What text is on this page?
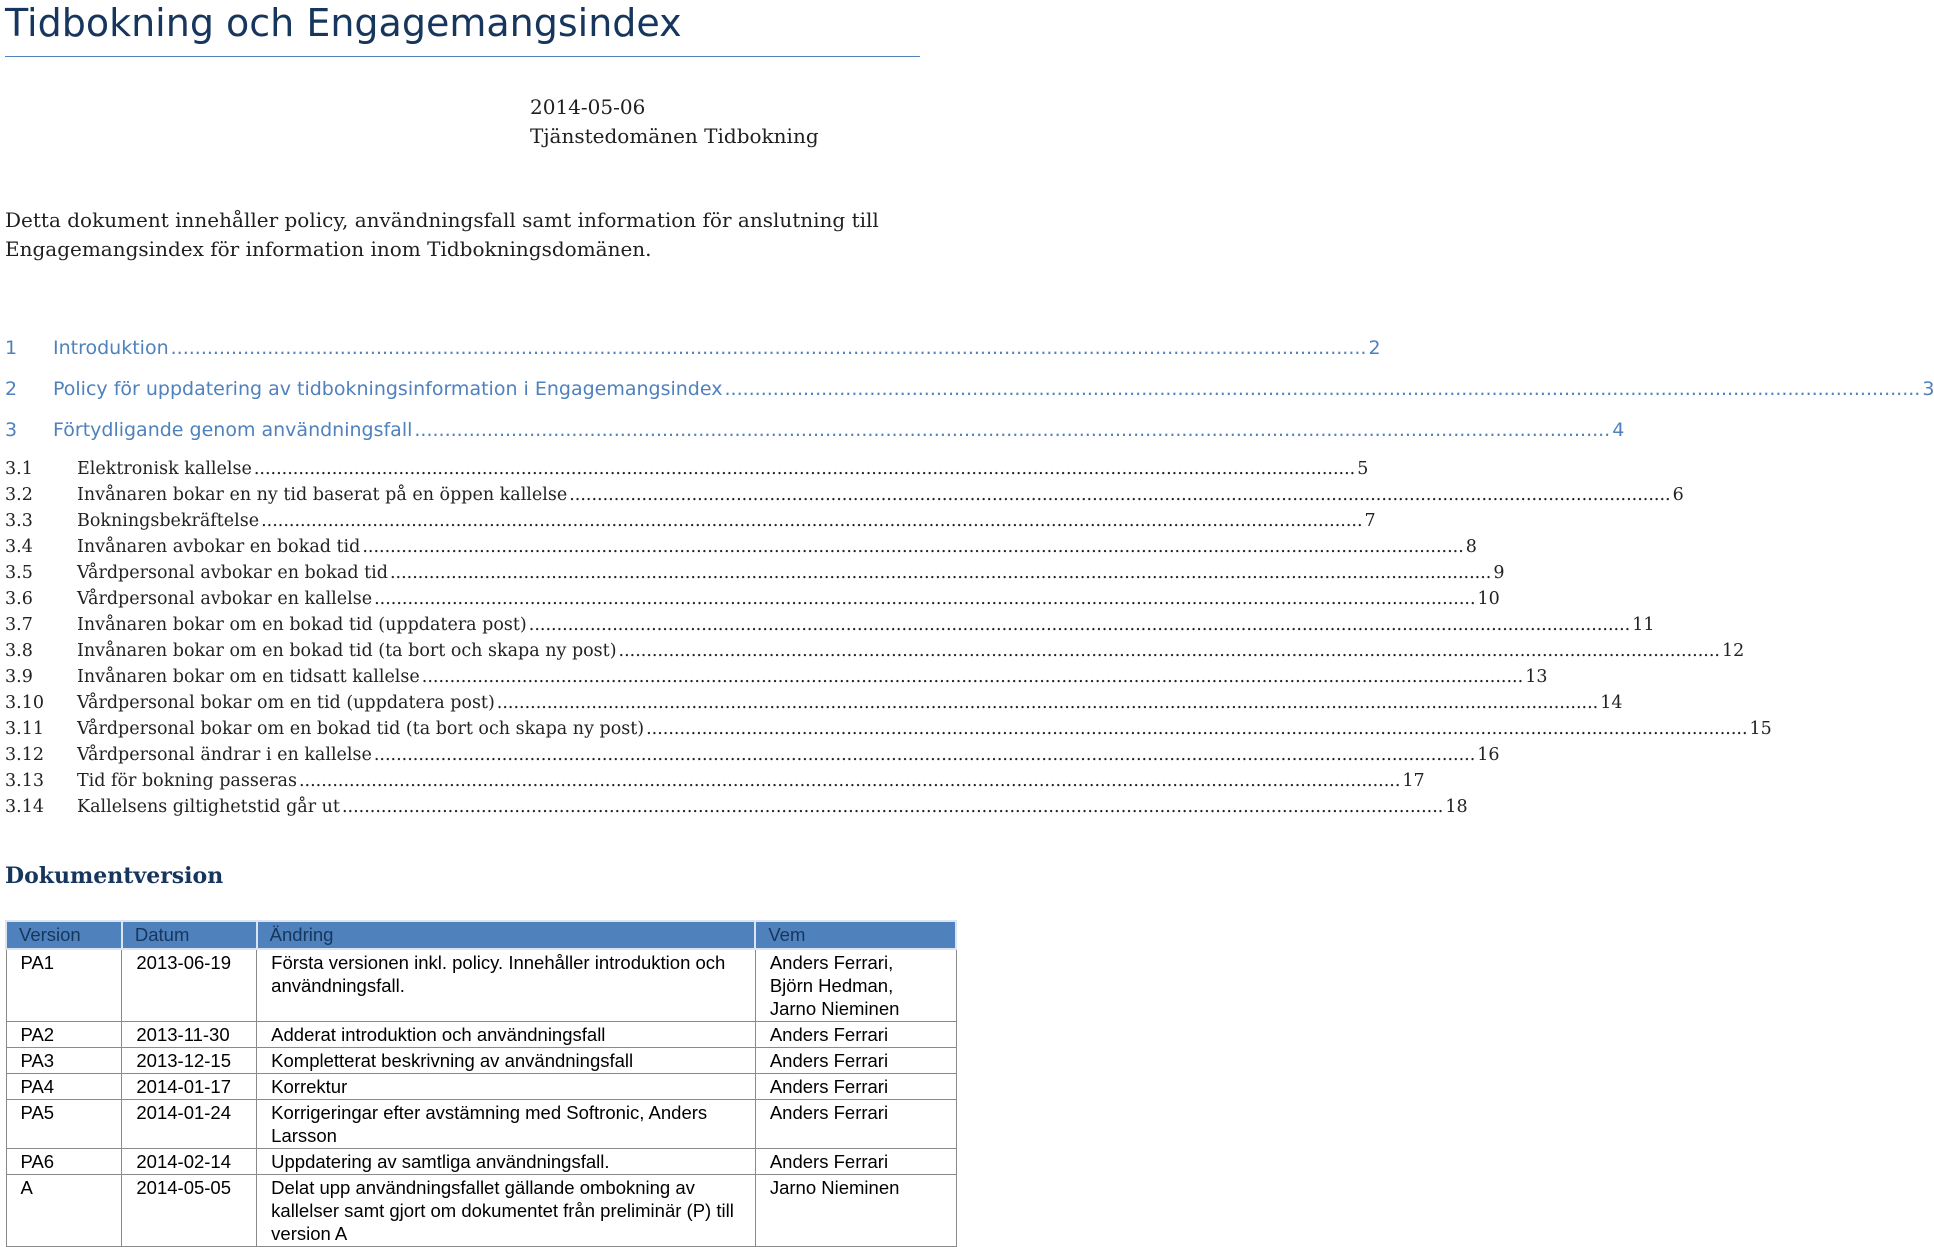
Tidbokning och Engagemangsindex
2014-05-06
Tjänstedomänen Tidbokning
Detta dokument innehåller policy, användningsfall samt information för anslutning till Engagemangsindex för information inom Tidbokningsdomänen.
1	Introduktion .....	2
2	Policy för uppdatering av tidbokningsinformation i Engagemangsindex .....	3
3	Förtydligande genom användningsfall .....	4
3.1	Elektronisk kallelse .....	5
3.2	Invånaren bokar en ny tid baserat på en öppen kallelse .....	6
3.3	Bokningsbekräftelse .....	7
3.4	Invånaren avbokar en bokad tid .....	8
3.5	Vårdpersonal avbokar en bokad tid .....	9
3.6	Vårdpersonal avbokar en kallelse .....	10
3.7	Invånaren bokar om en bokad tid (uppdatera post) .....	11
3.8	Invånaren bokar om en bokad tid (ta bort och skapa ny post) .....	12
3.9	Invånaren bokar om en tidsatt kallelse .....	13
3.10	Vårdpersonal bokar om en tid (uppdatera post) .....	14
3.11	Vårdpersonal bokar om en bokad tid (ta bort och skapa ny post) .....	15
3.12	Vårdpersonal ändrar i en kallelse .....	16
3.13	Tid för bokning passeras .....	17
3.14	Kallelsens giltighetstid går ut .....	18
Dokumentversion
Version	Datum	Ändring	Vem
PA1	2013-06-19	Första versionen inkl. policy. Innehåller introduktion och användningsfall.	Anders Ferrari, Björn Hedman, Jarno Nieminen
PA2	2013-11-30	Adderat introduktion och användningsfall	Anders Ferrari
PA3	2013-12-15	Kompletterat beskrivning av användningsfall	Anders Ferrari
PA4	2014-01-17	Korrektur	Anders Ferrari
PA5	2014-01-24	Korrigeringar efter avstämning med Softronic, Anders Larsson	Anders Ferrari
PA6	2014-02-14	Uppdatering av samtliga användningsfall.	Anders Ferrari
A	2014-05-05	Delat upp användningsfallet gällande ombokning av kallelser samt gjort om dokumentet från preliminär (P) till version A	Jarno Nieminen
